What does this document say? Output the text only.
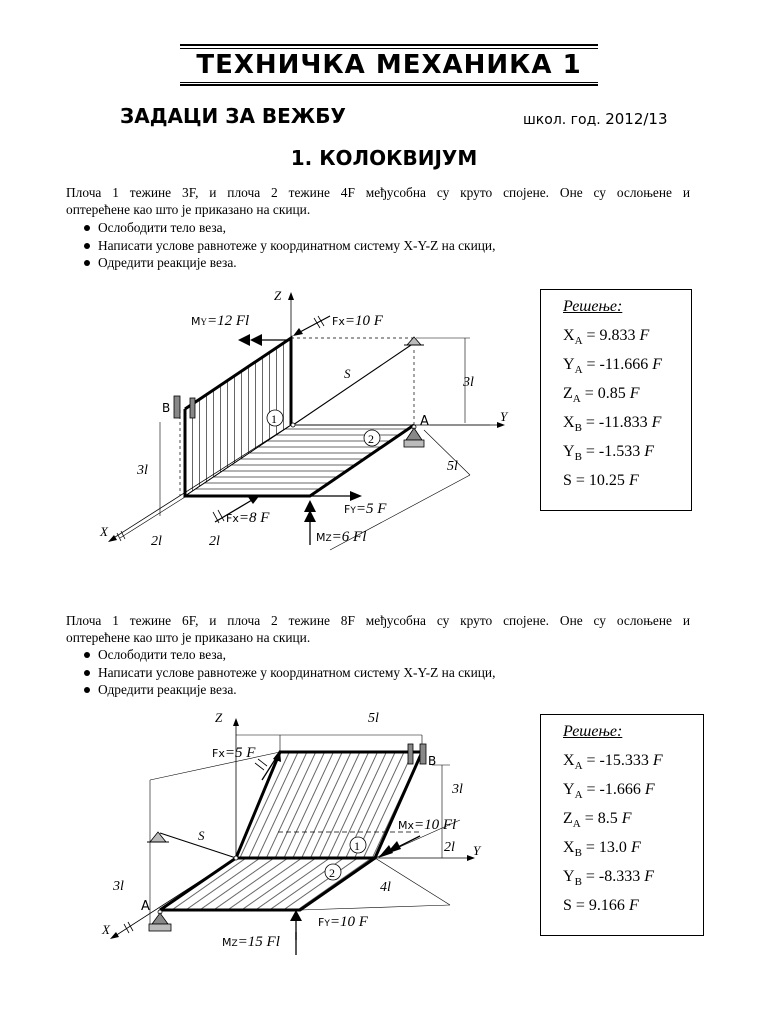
ТЕХНИЧКА МЕХАНИКА 1
ЗАДАЦИ ЗА ВЕЖБУ	школ. год. 2012/13
1. КОЛОКВИЈУМ
Плоча 1 тежине 3F, и плоча 2 тежине 4F међусобна су круто спојене. Оне су ослоњене и
оптерећене као што је приказано на скици.
Ослободити тело веза,
Написати услове равнотеже у координатном систему X-Y-Z на скици,
Одредити реакције веза.
Z
Y
X
S
A
B
1
2
MY=12 Fl	Fx=10 F
3l
3l	5l
FY=5 F
Fx=8 F
MZ=6 Fl
2l	2l
Решење:
$X_A = 9.833$ F
$Y_A = -11.666$ F
$Z_A = 0.85$ F
$X_B = -11.833$ F
$Y_B = -1.533$ F
S = 10.25 F
Плоча 1 тежине 6F, и плоча 2 тежине 8F међусобна су круто спојене. Оне су ослоњене и
оптерећене као што је приказано на скици.
Ослободити тело веза,
Написати услове равнотеже у координатном систему X-Y-Z на скици,
Одредити реакције веза.
Z
Y
X
S
A
B
5l
3l
2l
3l	4l
1
2
Fx=5 F
Mx=10 Fl
FY=10 F
MZ=15 Fl
Решење:
$X_A = -15.333$ F
$Y_A = -1.666$ F
$Z_A = 8.5$ F
$X_B = 13.0$ F
$Y_B = -8.333$ F
S = 9.166 F
